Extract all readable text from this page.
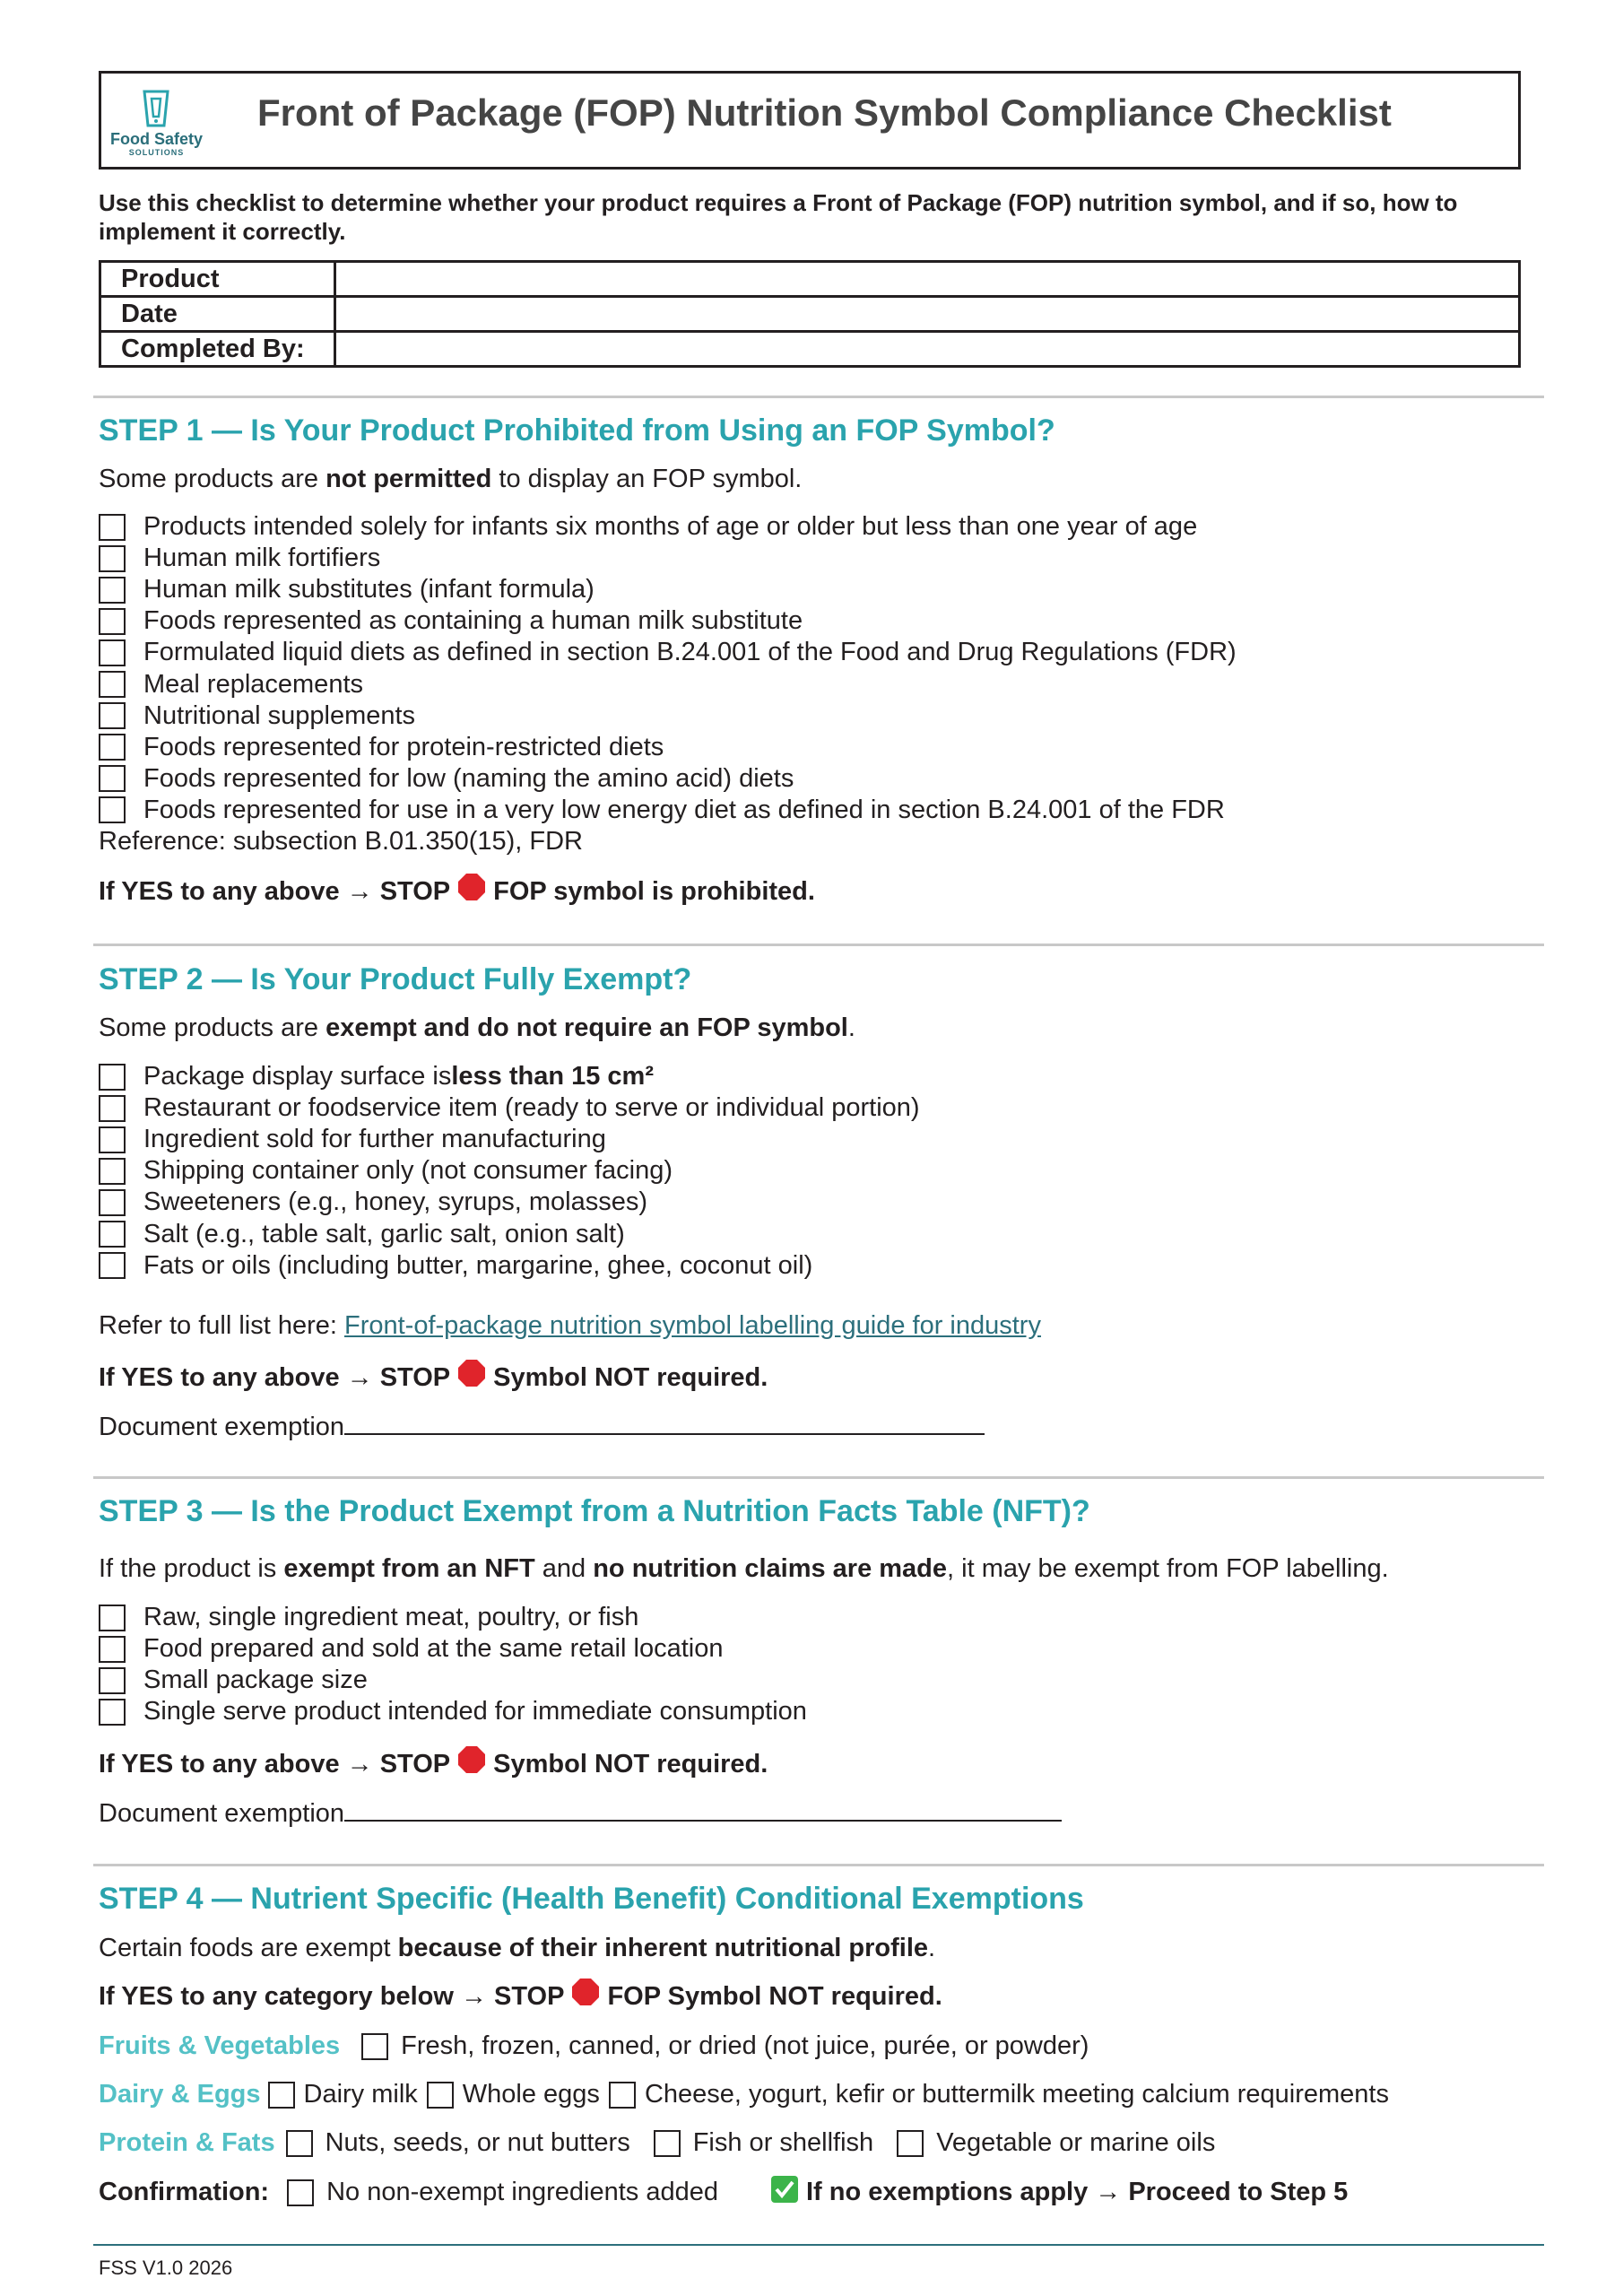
Food Safety
SOLUTIONS
Front of Package (FOP) Nutrition Symbol Compliance Checklist
Use this checklist to determine whether your product requires a Front of Package (FOP) nutrition symbol, and if so, how to implement it correctly.
Product	
Date	
Completed By:	
STEP 1 — Is Your Product Prohibited from Using an FOP Symbol?
Some products are not permitted to display an FOP symbol.
Products intended solely for infants six months of age or older but less than one year of age
Human milk fortifiers
Human milk substitutes (infant formula)
Foods represented as containing a human milk substitute
Formulated liquid diets as defined in section B.24.001 of the Food and Drug Regulations (FDR)
Meal replacements
Nutritional supplements
Foods represented for protein-restricted diets
Foods represented for low (naming the amino acid) diets
Foods represented for use in a very low energy diet as defined in section B.24.001 of the FDR
Reference: subsection B.01.350(15), FDR
If YES to any above → STOP FOP symbol is prohibited.
STEP 2 — Is Your Product Fully Exempt?
Some products are exempt and do not require an FOP symbol.
Package display surface is less than 15 cm²
Restaurant or foodservice item (ready to serve or individual portion)
Ingredient sold for further manufacturing
Shipping container only (not consumer facing)
Sweeteners (e.g., honey, syrups, molasses)
Salt (e.g., table salt, garlic salt, onion salt)
Fats or oils (including butter, margarine, ghee, coconut oil)
Refer to full list here: Front-of-package nutrition symbol labelling guide for industry
If YES to any above → STOP Symbol NOT required.
Document exemption
STEP 3 — Is the Product Exempt from a Nutrition Facts Table (NFT)?
If the product is exempt from an NFT and no nutrition claims are made, it may be exempt from FOP labelling.
Raw, single ingredient meat, poultry, or fish
Food prepared and sold at the same retail location
Small package size
Single serve product intended for immediate consumption
If YES to any above → STOP Symbol NOT required.
Document exemption
STEP 4 — Nutrient Specific (Health Benefit) Conditional Exemptions
Certain foods are exempt because of their inherent nutritional profile.
If YES to any category below → STOP FOP Symbol NOT required.
Fruits & Vegetables Fresh, frozen, canned, or dried (not juice, purée, or powder)
Dairy & Eggs Dairy milk Whole eggs Cheese, yogurt, kefir or buttermilk meeting calcium requirements
Protein & Fats Nuts, seeds, or nut butters Fish or shellfish Vegetable or marine oils
Confirmation: No non-exempt ingredients added	If no exemptions apply → Proceed to Step 5
FSS V1.0 2026
